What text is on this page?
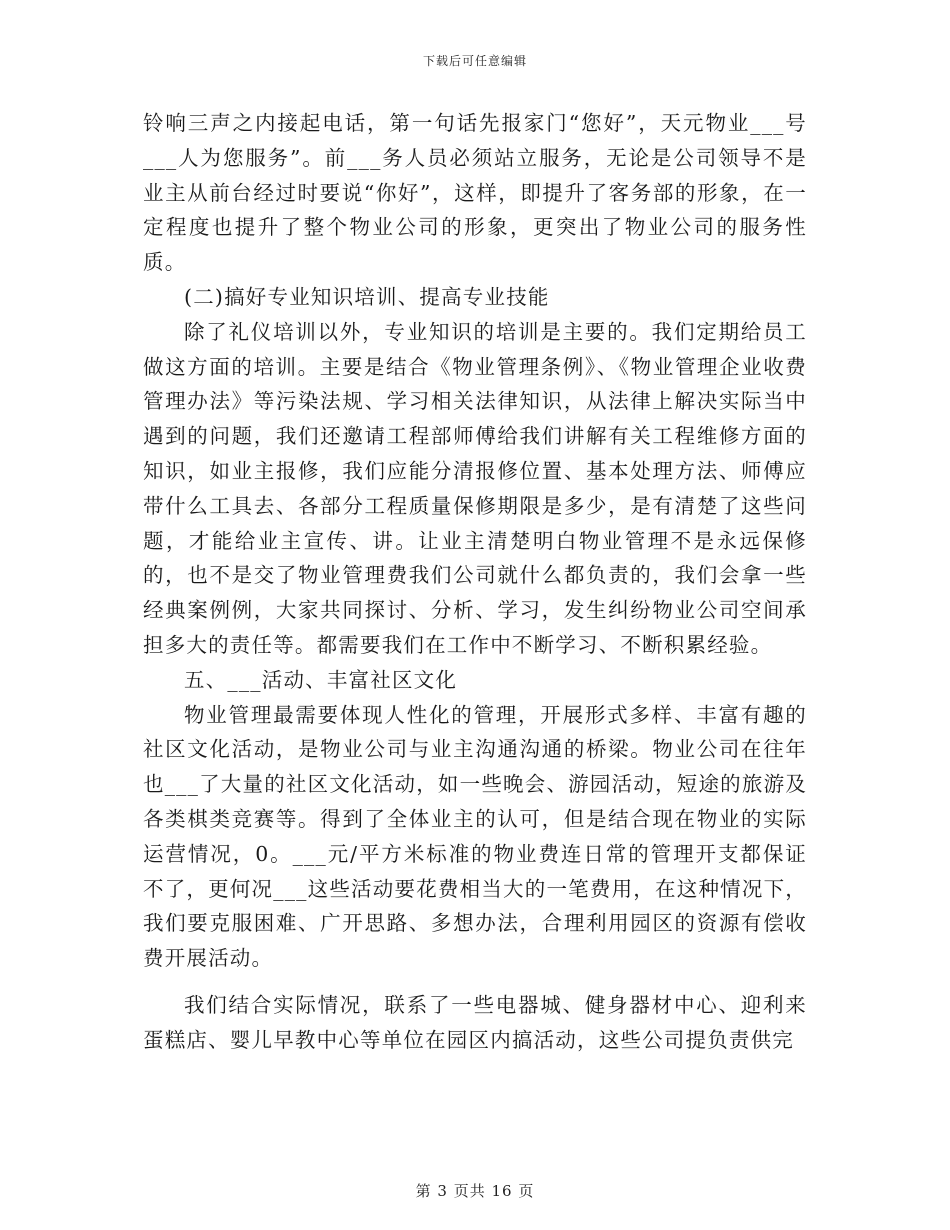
下载后可任意编辑

铃响三声之内接起电话，第一句话先报家门“您好”，天元物业___号___人为您服务”。前___务人员必须站立服务，无论是公司领导不是业主从前台经过时要说“你好”，这样，即提升了客务部的形象，在一定程度也提升了整个物业公司的形象，更突出了物业公司的服务性质。

(二)搞好专业知识培训、提高专业技能

除了礼仪培训以外，专业知识的培训是主要的。我们定期给员工做这方面的培训。主要是结合《物业管理条例》、《物业管理企业收费管理办法》等污染法规、学习相关法律知识，从法律上解决实际当中遇到的问题，我们还邀请工程部师傅给我们讲解有关工程维修方面的知识，如业主报修，我们应能分清报修位置、基本处理方法、师傅应带什么工具去、各部分工程质量保修期限是多少，是有清楚了这些问题，才能给业主宣传、讲。让业主清楚明白物业管理不是永远保修的，也不是交了物业管理费我们公司就什么都负责的，我们会拿一些经典案例例，大家共同探讨、分析、学习，发生纠纷物业公司空间承担多大的责任等。都需要我们在工作中不断学习、不断积累经验。

五、___活动、丰富社区文化

物业管理最需要体现人性化的管理，开展形式多样、丰富有趣的社区文化活动，是物业公司与业主沟通沟通的桥梁。物业公司在往年也___了大量的社区文化活动，如一些晚会、游园活动，短途的旅游及各类棋类竞赛等。得到了全体业主的认可，但是结合现在物业的实际运营情况，0。___元/平方米标准的物业费连日常的管理开支都保证不了，更何况___这些活动要花费相当大的一笔费用，在这种情况下，我们要克服困难、广开思路、多想办法，合理利用园区的资源有偿收费开展活动。

我们结合实际情况，联系了一些电器城、健身器材中心、迎利来蛋糕店、婴儿早教中心等单位在园区内搞活动，这些公司提负责供完

第 3 页共 16 页
